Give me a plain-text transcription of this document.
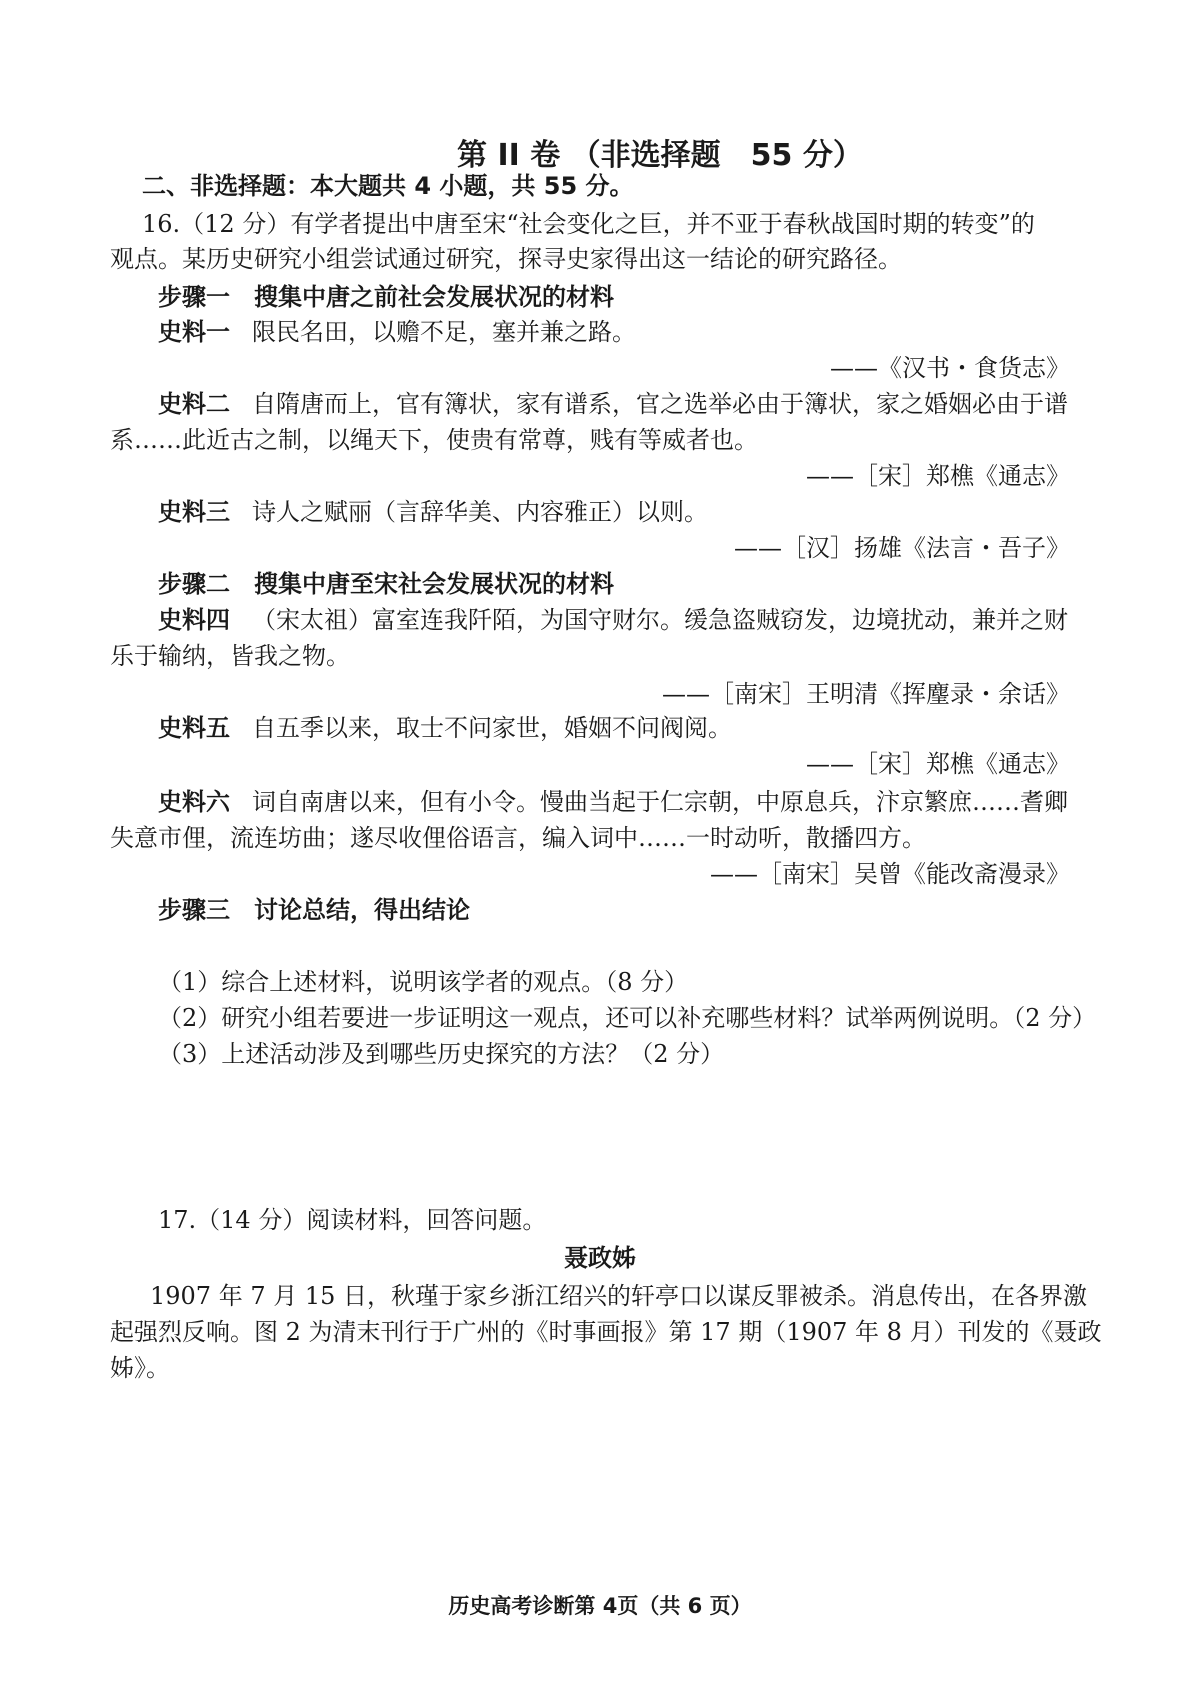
第 II 卷 （非选择题　55 分）
二、非选择题：本大题共 4 小题，共 55 分。
16.（12 分）有学者提出中唐至宋“社会变化之巨，并不亚于春秋战国时期的转变”的
观点。某历史研究小组尝试通过研究，探寻史家得出这一结论的研究路径。
步骤一　搜集中唐之前社会发展状况的材料
史料一 限民名田，以赡不足，塞并兼之路。
——《汉书・食货志》
史料二 自隋唐而上，官有簿状，家有谱系，官之选举必由于簿状，家之婚姻必由于谱
系……此近古之制，以绳天下，使贵有常尊，贱有等威者也。
——［宋］郑樵《通志》
史料三 诗人之赋丽（言辞华美、内容雅正）以则。
——［汉］扬雄《法言・吾子》
步骤二　搜集中唐至宋社会发展状况的材料
史料四 （宋太祖）富室连我阡陌，为国守财尔。缓急盗贼窃发，边境扰动，兼并之财
乐于输纳，皆我之物。
——［南宋］王明清《挥麈录・余话》
史料五 自五季以来，取士不问家世，婚姻不问阀阅。
——［宋］郑樵《通志》
史料六 词自南唐以来，但有小令。慢曲当起于仁宗朝，中原息兵，汴京繁庶……耆卿
失意市俚，流连坊曲；遂尽收俚俗语言，编入词中……一时动听，散播四方。
——［南宋］吴曾《能改斋漫录》
步骤三　讨论总结，得出结论
（1）综合上述材料，说明该学者的观点。（8 分）
（2）研究小组若要进一步证明这一观点，还可以补充哪些材料？试举两例说明。（2 分）
（3）上述活动涉及到哪些历史探究的方法？（2 分）
17.（14 分）阅读材料，回答问题。
聂政姊
1907 年 7 月 15 日，秋瑾于家乡浙江绍兴的轩亭口以谋反罪被杀。消息传出，在各界激
起强烈反响。图 2 为清末刊行于广州的《时事画报》第 17 期（1907 年 8 月）刊发的《聂政
姊》。
历史高考诊断第 4页（共 6 页）
